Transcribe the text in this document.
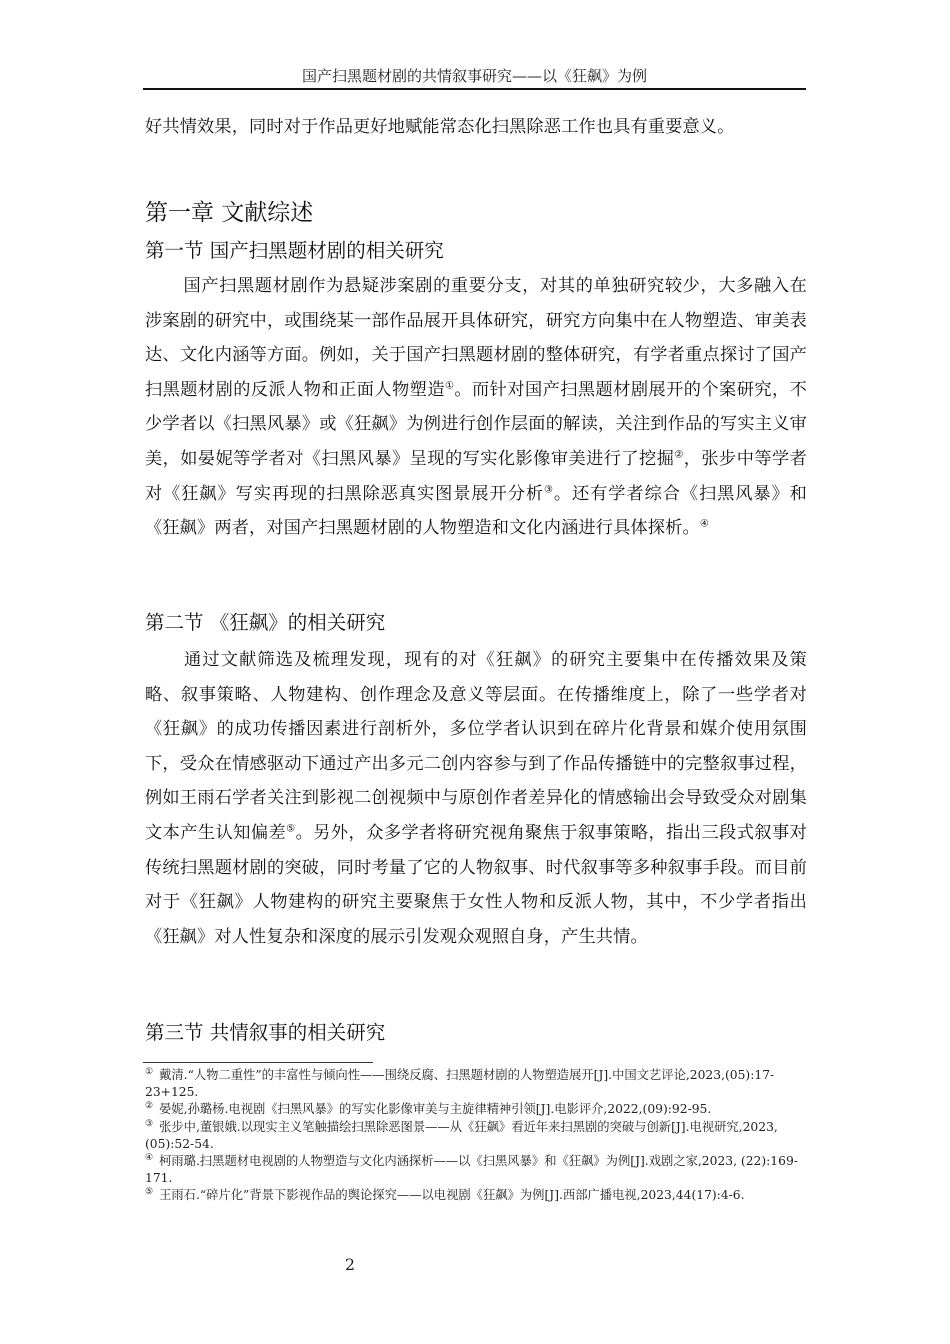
国产扫黑题材剧的共情叙事研究——以《狂飙》为例
好共情效果，同时对于作品更好地赋能常态化扫黑除恶工作也具有重要意义。
第一章 文献综述
第一节 国产扫黑题材剧的相关研究
国产扫黑题材剧作为悬疑涉案剧的重要分支，对其的单独研究较少，大多融入在涉案剧的研究中，或围绕某一部作品展开具体研究，研究方向集中在人物塑造、审美表达、文化内涵等方面。例如，关于国产扫黑题材剧的整体研究，有学者重点探讨了国产扫黑题材剧的反派人物和正面人物塑造①。而针对国产扫黑题材剧展开的个案研究，不少学者以《扫黑风暴》或《狂飙》为例进行创作层面的解读，关注到作品的写实主义审美，如晏妮等学者对《扫黑风暴》呈现的写实化影像审美进行了挖掘②，张步中等学者对《狂飙》写实再现的扫黑除恶真实图景展开分析③。还有学者综合《扫黑风暴》和《狂飙》两者，对国产扫黑题材剧的人物塑造和文化内涵进行具体探析。④
第二节 《狂飙》的相关研究
通过文献筛选及梳理发现，现有的对《狂飙》的研究主要集中在传播效果及策略、叙事策略、人物建构、创作理念及意义等层面。在传播维度上，除了一些学者对《狂飙》的成功传播因素进行剖析外，多位学者认识到在碎片化背景和媒介使用氛围下，受众在情感驱动下通过产出多元二创内容参与到了作品传播链中的完整叙事过程，例如王雨石学者关注到影视二创视频中与原创作者差异化的情感输出会导致受众对剧集文本产生认知偏差⑤。另外，众多学者将研究视角聚焦于叙事策略，指出三段式叙事对传统扫黑题材剧的突破，同时考量了它的人物叙事、时代叙事等多种叙事手段。而目前对于《狂飙》人物建构的研究主要聚焦于女性人物和反派人物，其中，不少学者指出《狂飙》对人性复杂和深度的展示引发观众观照自身，产生共情。
第三节 共情叙事的相关研究

① 戴清.“人物二重性”的丰富性与倾向性——围绕反腐、扫黑题材剧的人物塑造展开[J].中国文艺评论,2023,(05):17-23+125.

② 晏妮,孙璐杨.电视剧《扫黑风暴》的写实化影像审美与主旋律精神引领[J].电影评介,2022,(09):92-95.

③ 张步中,董银娥.以现实主义笔触描绘扫黑除恶图景——从《狂飙》看近年来扫黑剧的突破与创新[J].电视研究,2023,(05):52-54.

④ 柯雨璐.扫黑题材电视剧的人物塑造与文化内涵探析——以《扫黑风暴》和《狂飙》为例[J].戏剧之家,2023, (22):169-171.

⑤ 王雨石.“碎片化”背景下影视作品的舆论探究——以电视剧《狂飙》为例[J].西部广播电视,2023,44(17):4-6.

2
